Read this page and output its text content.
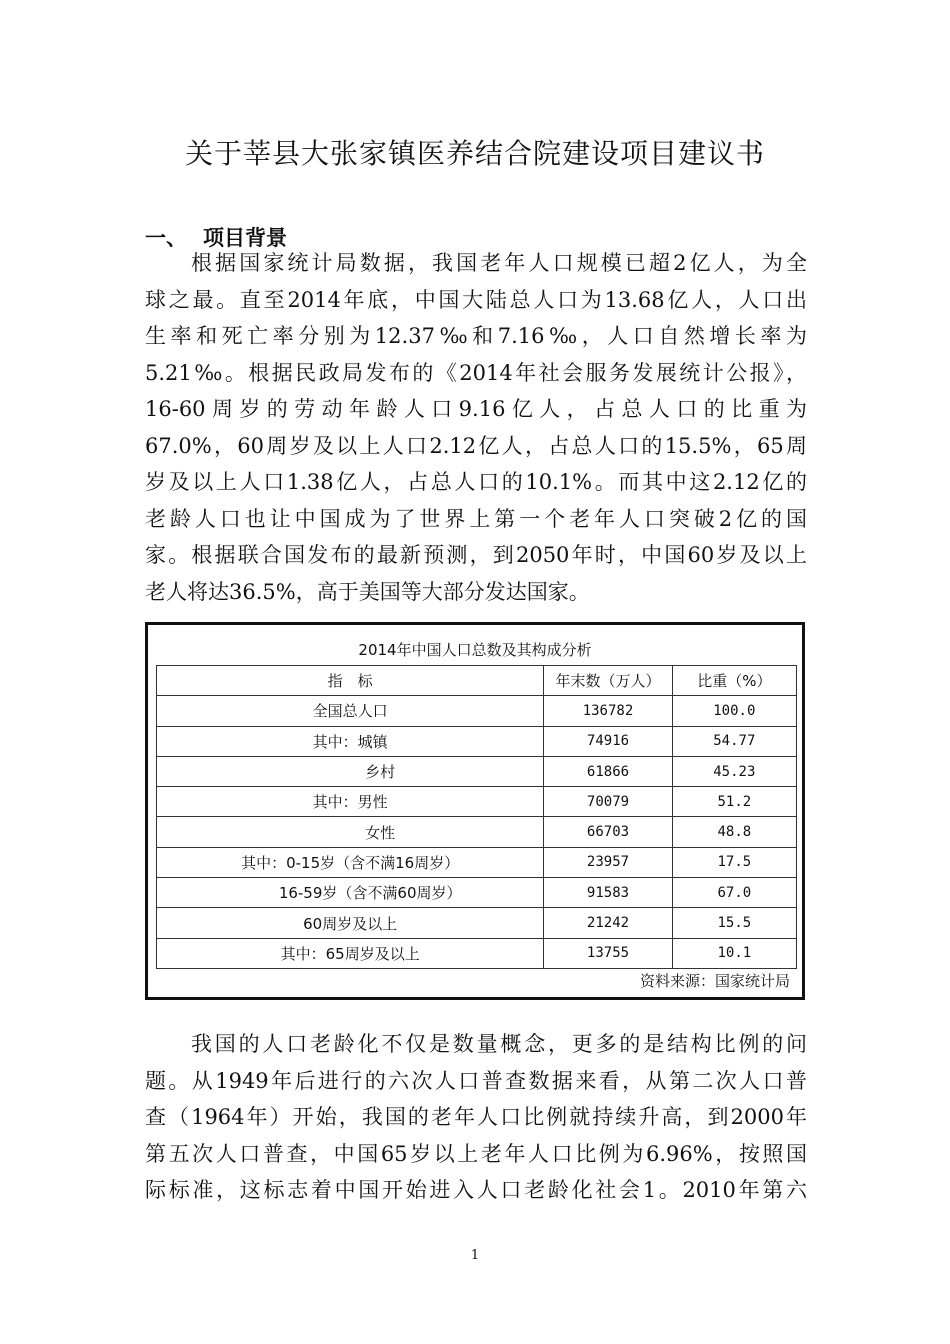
关于莘县大张家镇医养结合院建设项目建议书
一、 项目背景
根据国家统计局数据，我国老年人口规模已超2亿人，为全
球之最。直至2014年底，中国大陆总人口为13.68亿人，人口出
生率和死亡率分别为12.37‰和7.16‰，人口自然增长率为
5.21‰。根据民政局发布的《2014年社会服务发展统计公报》，
16-60周岁的劳动年龄人口9.16亿人，占总人口的比重为
67.0%，60周岁及以上人口2.12亿人，占总人口的15.5%，65周
岁及以上人口1.38亿人，占总人口的10.1%。而其中这2.12亿的
老龄人口也让中国成为了世界上第一个老年人口突破2亿的国
家。根据联合国发布的最新预测，到2050年时，中国60岁及以上
老人将达36.5%，高于美国等大部分发达国家。
2014年中国人口总数及其构成分析
指　标	年末数（万人）	比重（%）
全国总人口	136782	100.0
其中：城镇	74916	54.77
乡村	61866	45.23
其中：男性	70079	51.2
女性	66703	48.8
其中：0-15岁（含不满16周岁）	23957	17.5
16-59岁（含不满60周岁）	91583	67.0
60周岁及以上	21242	15.5
其中：65周岁及以上	13755	10.1
资料来源：国家统计局
我国的人口老龄化不仅是数量概念，更多的是结构比例的问
题。从1949年后进行的六次人口普查数据来看，从第二次人口普
查（1964年）开始，我国的老年人口比例就持续升高，到2000年
第五次人口普查，中国65岁以上老年人口比例为6.96%，按照国
际标准，这标志着中国开始进入人口老龄化社会1。2010年第六
1
